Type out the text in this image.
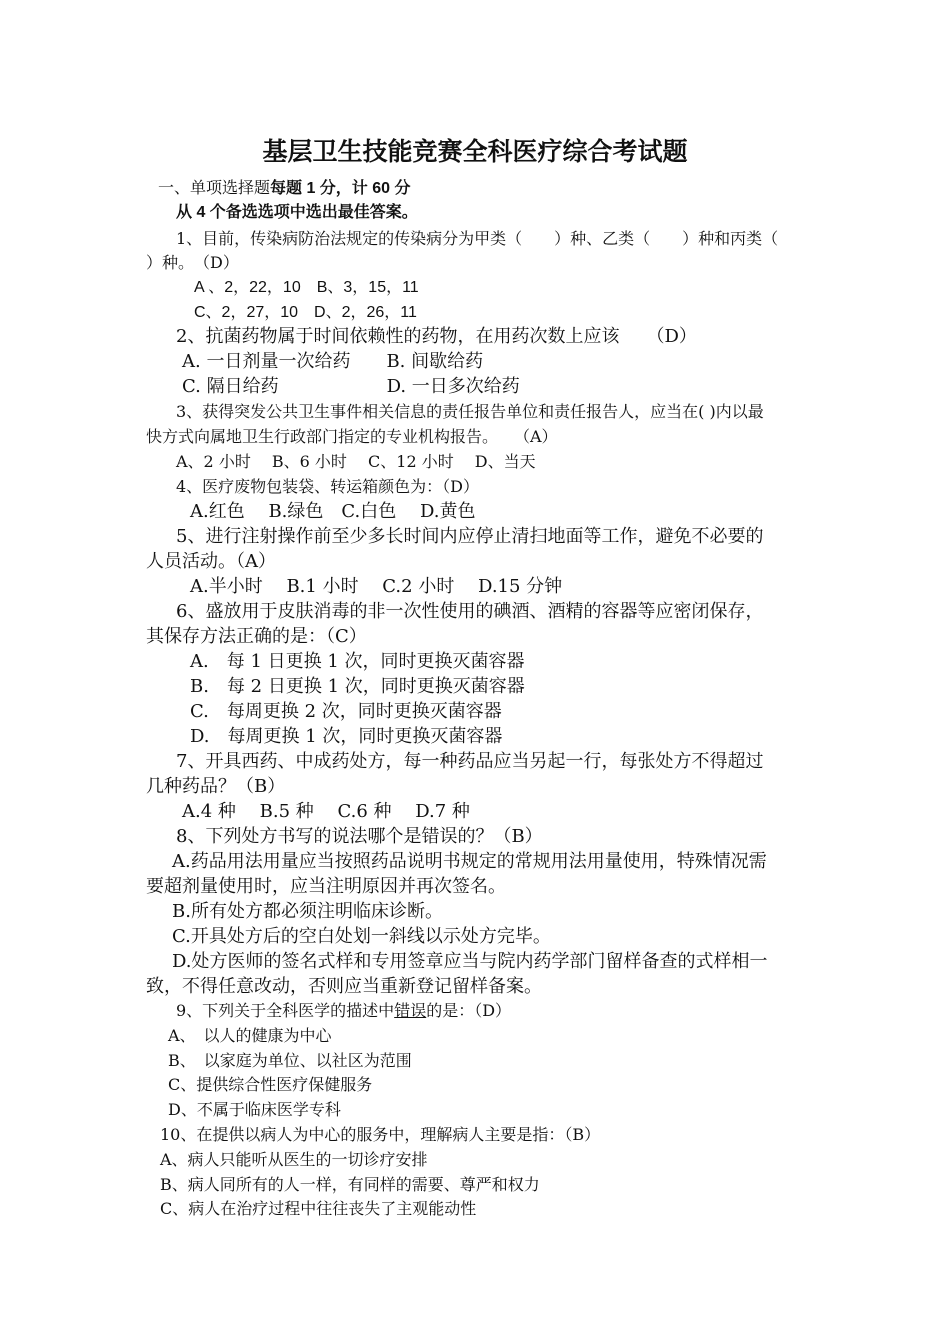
基层卫生技能竞赛全科医疗综合考试题
一、单项选择题每题 1 分，计 60 分
从 4 个备选选项中选出最佳答案。
1、目前，传染病防治法规定的传染病分为甲类（　　）种、乙类（　　）种和丙类（
）种。　（D）
A 、2，22，10　B、3，15，11
C、2，27，10　D、2，26，11
2、抗菌药物属于时间依赖性的药物，在用药次数上应该　　（D）
A. 一日剂量一次给药　　B. 间歇给药
C. 隔日给药　　　　　　D. 一日多次给药
3、获得突发公共卫生事件相关信息的责任报告单位和责任报告人，应当在( )内以最
快方式向属地卫生行政部门指定的专业机构报告。　　（A）
A、2 小时　 B、6 小时　 C、12 小时　 D、当天
4、医疗废物包装袋、转运箱颜色为：（D）
A.红色　 B.绿色　C.白色　 D.黄色
5、进行注射操作前至少多长时间内应停止清扫地面等工作，避免不必要的
人员活动。（A）
A.半小时　 B.1 小时　 C.2 小时　 D.15 分钟
6、盛放用于皮肤消毒的非一次性使用的碘酒、酒精的容器等应密闭保存，
其保存方法正确的是：（C）
A.　每 1 日更换 1 次，同时更换灭菌容器
B.　每 2 日更换 1 次，同时更换灭菌容器
C.　每周更换 2 次，同时更换灭菌容器
D.　每周更换 1 次，同时更换灭菌容器
7、开具西药、中成药处方，每一种药品应当另起一行，每张处方不得超过
几种药品？（B）
A.4 种　 B.5 种　 C.6 种　 D.7 种
8、下列处方书写的说法哪个是错误的？（B）
A.药品用法用量应当按照药品说明书规定的常规用法用量使用，特殊情况需
要超剂量使用时，应当注明原因并再次签名。
B.所有处方都必须注明临床诊断。
C.开具处方后的空白处划一斜线以示处方完毕。
D.处方医师的签名式样和专用签章应当与院内药学部门留样备查的式样相一
致，不得任意改动，否则应当重新登记留样备案。
9、下列关于全科医学的描述中错误的是：（D）
A、　以人的健康为中心
B、　以家庭为单位、以社区为范围
C、提供综合性医疗保健服务
D、不属于临床医学专科
10、在提供以病人为中心的服务中，理解病人主要是指：（B）
A、病人只能听从医生的一切诊疗安排
B、病人同所有的人一样，有同样的需要、尊严和权力
C、病人在治疗过程中往往丧失了主观能动性
